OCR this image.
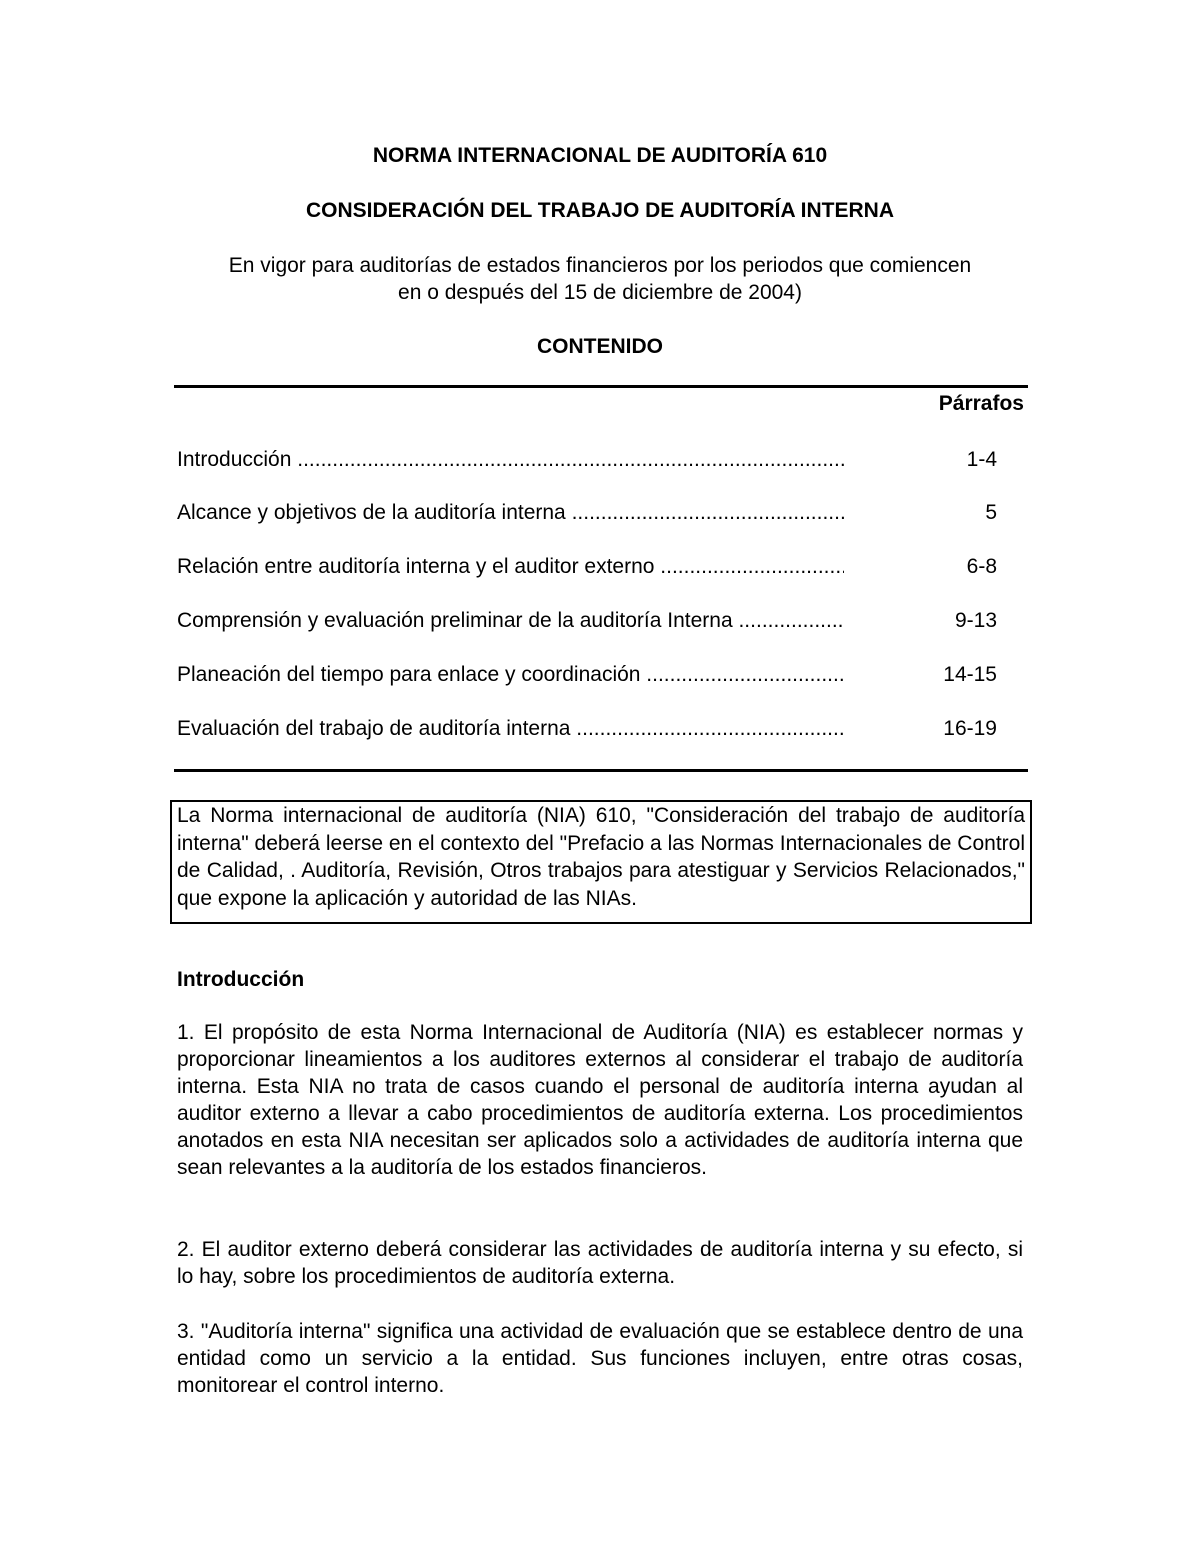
NORMA INTERNACIONAL DE AUDITORÍA 610
CONSIDERACIÓN DEL TRABAJO DE AUDITORÍA INTERNA
En vigor para auditorías de estados financieros por los periodos que comiencen
en o después del 15 de diciembre de 2004)
CONTENIDO
Párrafos
Introducción .....	1-4
Alcance y objetivos de la auditoría interna .....	5
Relación entre auditoría interna y el auditor externo .....	6-8
Comprensión y evaluación preliminar de la auditoría Interna .....	9-13
Planeación del tiempo para enlace y coordinación .....	14-15
Evaluación del trabajo de auditoría interna .....	16-19
La Norma internacional de auditoría (NIA) 610, "Consideración del trabajo de auditoría interna" deberá leerse en el contexto del "Prefacio a las Normas Internacionales de Control de Calidad, . Auditoría, Revisión, Otros trabajos para atestiguar y Servicios Relacionados," que expone la aplicación y autoridad de las NIAs.
Introducción
1. El propósito de esta Norma Internacional de Auditoría (NIA) es establecer normas y proporcionar lineamientos a los auditores externos al considerar el trabajo de auditoría interna. Esta NIA no trata de casos cuando el personal de auditoría interna ayudan al auditor externo a llevar a cabo procedimientos de auditoría externa. Los procedimientos anotados en esta NIA necesitan ser aplicados solo a actividades de auditoría interna que sean relevantes a la auditoría de los estados financieros.
2. El auditor externo deberá considerar las actividades de auditoría interna y su efecto, si lo hay, sobre los procedimientos de auditoría externa.
3. "Auditoría interna" significa una actividad de evaluación que se establece dentro de una entidad como un servicio a la entidad. Sus funciones incluyen, entre otras cosas, monitorear el control interno.
